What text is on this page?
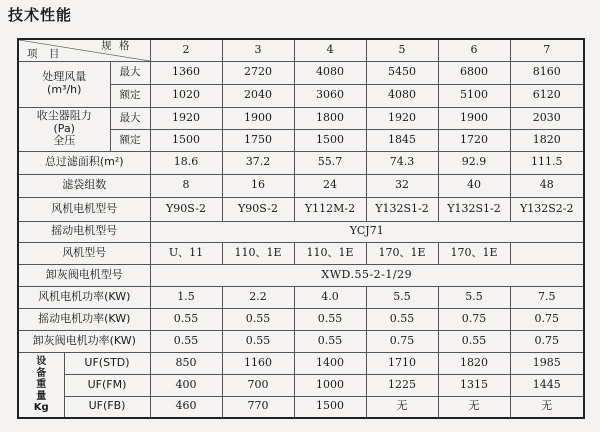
技术性能
规 格
项 目			2	3	4	5	6	7
处理风量
(m³/h)		最大	1360	2720	4080	5450	6800	8160
		额定	1020	2040	3060	4080	5100	6120
收尘器阻力
(Pa)
全压		最大	1920	1900	1800	1920	1900	2030
		额定	1500	1750	1500	1845	1720	1820
总过滤面积(m²)			18.6	37.2	55.7	74.3	92.9	111.5
滤袋组数			8	16	24	32	40	48
风机电机型号			Y90S-2	Y90S-2	Y112M-2	Y132S1-2	Y132S1-2	Y132S2-2
摇动电机型号			YCJ71					
风机型号			U、11	110、1E	110、1E	170、1E	170、1E	
卸灰阀电机型号			XWD.55-2-1/29					
风机电机功率(KW)			1.5	2.2	4.0	5.5	5.5	7.5
摇动电机功率(KW)			0.55	0.55	0.55	0.55	0.75	0.75
卸灰阀电机功率(KW)			0.55	0.55	0.55	0.75	0.55	0.75

设
备
重
量
Kg	UF(STD)		850	1160	1400	1710	1820	1985
	UF(FM)		400	700	1000	1225	1315	1445
	UF(FB)		460	770	1500	无	无	无
